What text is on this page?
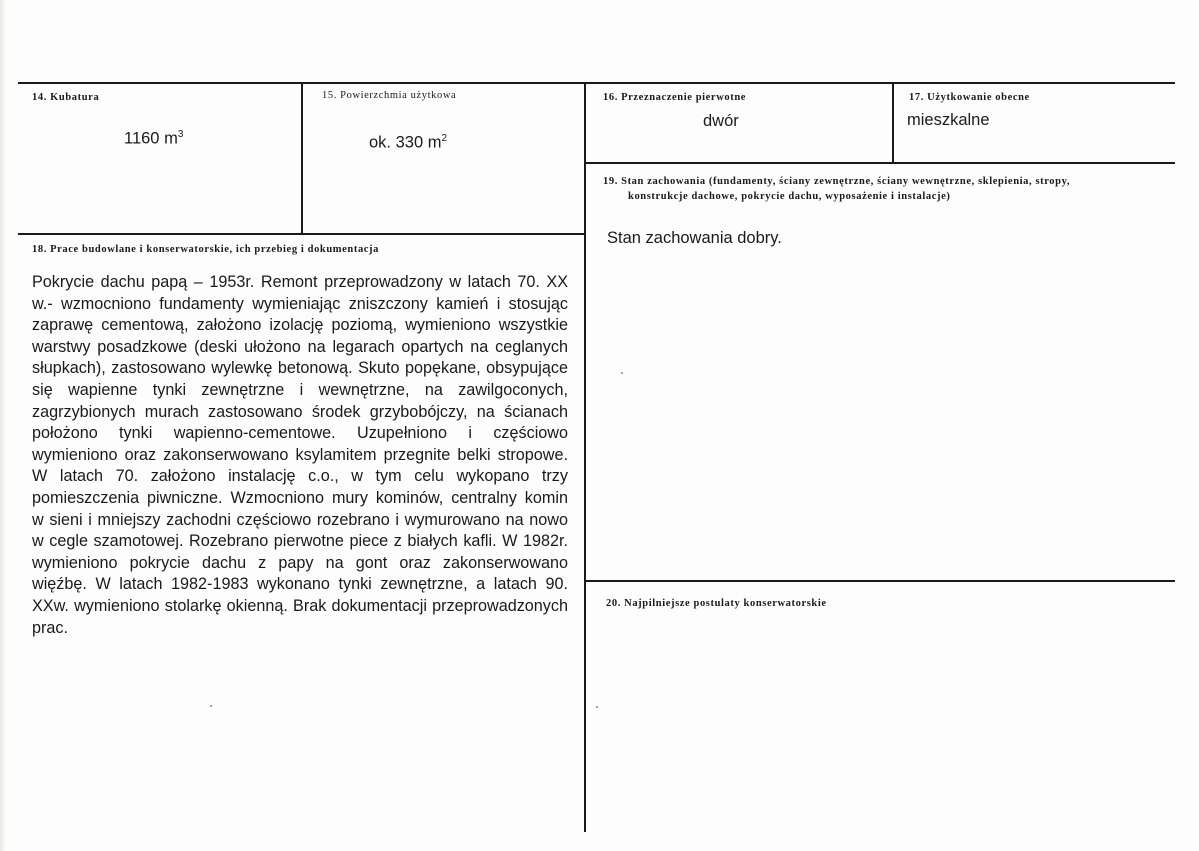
14. Kubatura
1160 $m^3$
15. Powierzchmia użytkowa
ok. 330 $m^2$
16. Przeznaczenie pierwotne
dwór
17. Użytkowanie obecne
mieszkalne
19. Stan zachowania (fundamenty, ściany zewnętrzne, ściany wewnętrzne, sklepienia, stropy,
konstrukcje dachowe, pokrycie dachu, wyposażenie i instalacje)
Stan zachowania dobry.
18. Prace budowlane i konserwatorskie, ich przebieg i dokumentacja
Pokrycie dachu papą – 1953r. Remont przeprowadzony w latach 70. XX
w.- wzmocniono fundamenty wymieniając zniszczony kamień i stosując
zaprawę cementową, założono izolację poziomą, wymieniono wszystkie
warstwy posadzkowe (deski ułożono na legarach opartych na ceglanych
słupkach), zastosowano wylewkę betonową. Skuto popękane, obsypujące
się wapienne tynki zewnętrzne i wewnętrzne, na zawilgoconych,
zagrzybionych murach zastosowano środek grzybobójczy, na ścianach
położono tynki wapienno-cementowe. Uzupełniono i częściowo
wymieniono oraz zakonserwowano ksylamitem przegnite belki stropowe.
W latach 70. założono instalację c.o., w tym celu wykopano trzy
pomieszczenia piwniczne. Wzmocniono mury kominów, centralny komin
w sieni i mniejszy zachodni częściowo rozebrano i wymurowano na nowo
w cegle szamotowej. Rozebrano pierwotne piece z białych kafli. W 1982r.
wymieniono pokrycie dachu z papy na gont oraz zakonserwowano
więźbę. W latach 1982-1983 wykonano tynki zewnętrzne, a latach 90.
XXw. wymieniono stolarkę okienną. Brak dokumentacji przeprowadzonych
prac.
20. Najpilniejsze postulaty konserwatorskie
